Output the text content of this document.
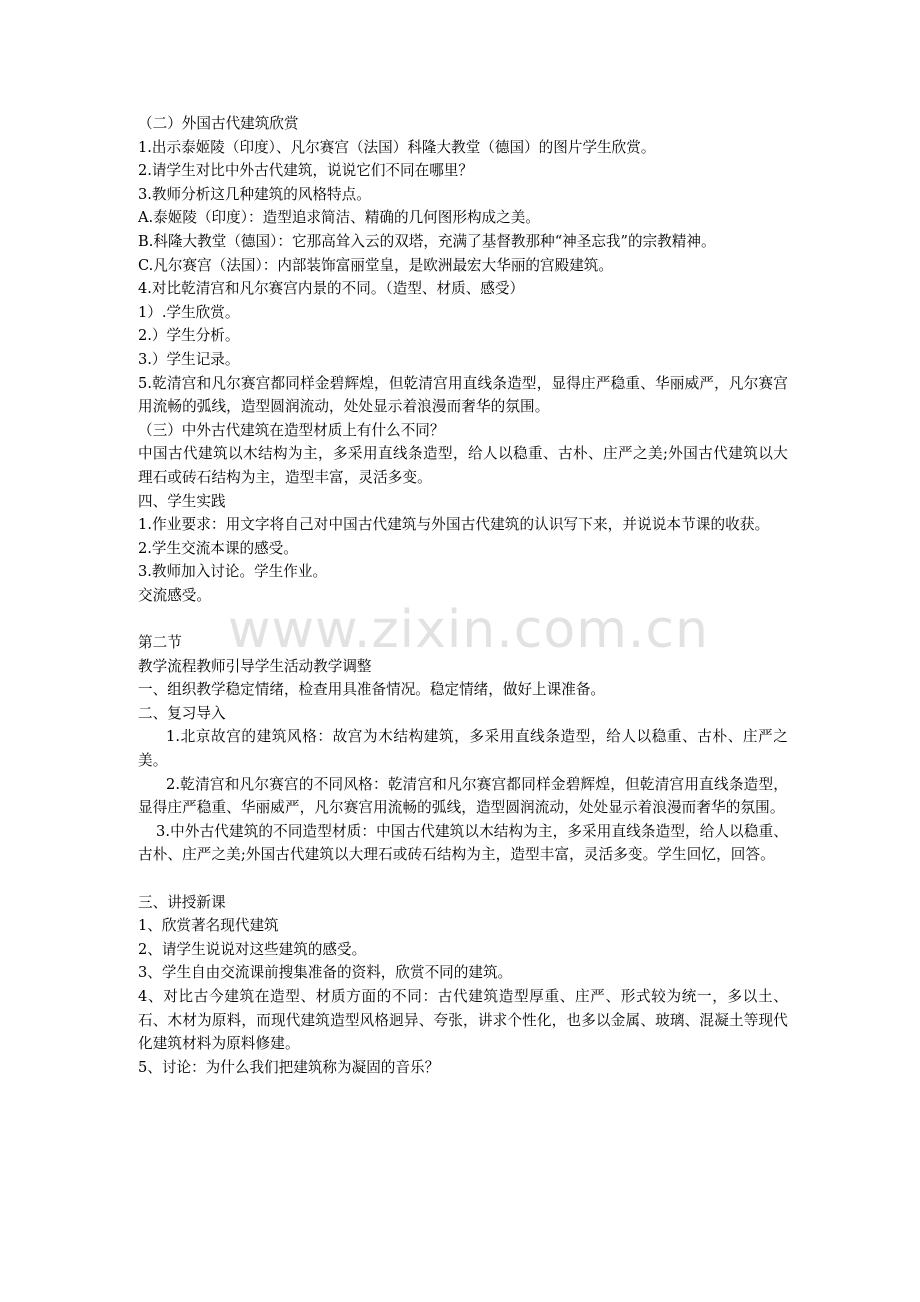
www.zixin.com.cn
（二）外国古代建筑欣赏
1.出示泰姬陵（印度）、凡尔赛宫（法国）科隆大教堂（德国）的图片学生欣赏。
2.请学生对比中外古代建筑，说说它们不同在哪里？
3.教师分析这几种建筑的风格特点。
A.泰姬陵（印度）：造型追求简洁、精确的几何图形构成之美。
B.科隆大教堂（德国）：它那高耸入云的双塔，充满了基督教那种“神圣忘我”的宗教精神。
C.凡尔赛宫（法国）：内部装饰富丽堂皇，是欧洲最宏大华丽的宫殿建筑。
4.对比乾清宫和凡尔赛宫内景的不同。（造型、材质、感受）
1）.学生欣赏。
2.）学生分析。
3.）学生记录。
5.乾清宫和凡尔赛宫都同样金碧辉煌，但乾清宫用直线条造型，显得庄严稳重、华丽威严，凡尔赛宫用流畅的弧线，造型圆润流动，处处显示着浪漫而奢华的氛围。
（三）中外古代建筑在造型材质上有什么不同？
中国古代建筑以木结构为主，多采用直线条造型，给人以稳重、古朴、庄严之美;外国古代建筑以大理石或砖石结构为主，造型丰富，灵活多变。
四、学生实践
1.作业要求：用文字将自己对中国古代建筑与外国古代建筑的认识写下来，并说说本节课的收获。
2.学生交流本课的感受。
3.教师加入讨论。学生作业。
交流感受。
第二节
教学流程教师引导学生活动教学调整
一、组织教学稳定情绪，检查用具准备情况。稳定情绪，做好上课准备。
二、复习导入
1.北京故宫的建筑风格：故宫为木结构建筑，多采用直线条造型，给人以稳重、古朴、庄严之美。
2.乾清宫和凡尔赛宫的不同风格：乾清宫和凡尔赛宫都同样金碧辉煌，但乾清宫用直线条造型，显得庄严稳重、华丽威严，凡尔赛宫用流畅的弧线，造型圆润流动，处处显示着浪漫而奢华的氛围。
3.中外古代建筑的不同造型材质：中国古代建筑以木结构为主，多采用直线条造型，给人以稳重、古朴、庄严之美;外国古代建筑以大理石或砖石结构为主，造型丰富，灵活多变。学生回忆，回答。
三、讲授新课
1、欣赏著名现代建筑
2、请学生说说对这些建筑的感受。
3、学生自由交流课前搜集准备的资料，欣赏不同的建筑。
4、对比古今建筑在造型、材质方面的不同：古代建筑造型厚重、庄严、形式较为统一，多以土、石、木材为原料，而现代建筑造型风格迥异、夸张，讲求个性化，也多以金属、玻璃、混凝土等现代化建筑材料为原料修建。
5、讨论：为什么我们把建筑称为凝固的音乐？
